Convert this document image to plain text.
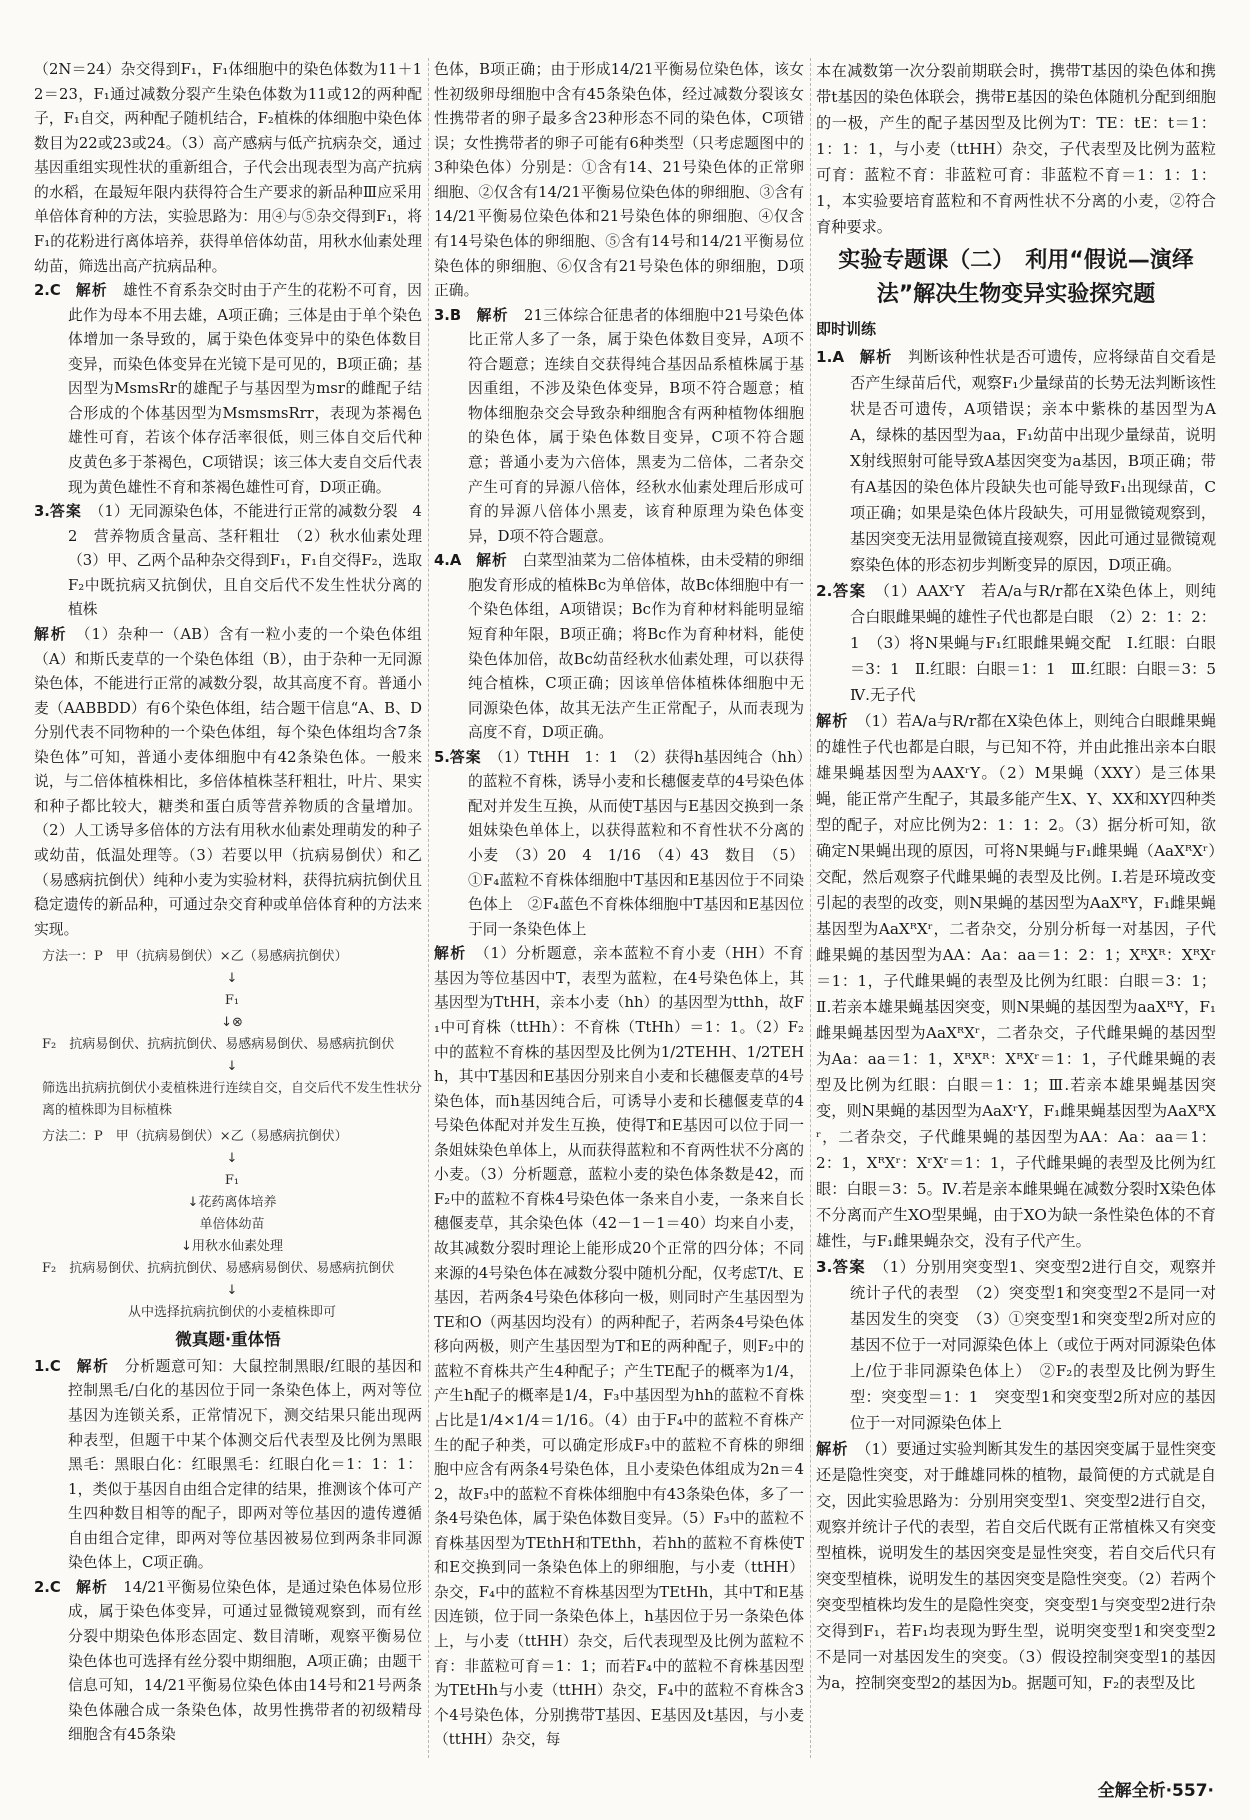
（2N＝24）杂交得到F₁，F₁体细胞中的染色体数为11＋12＝23，F₁通过减数分裂产生染色体数为11或12的两种配子，F₁自交，两种配子随机结合，F₂植株的体细胞中染色体数目为22或23或24。（3）高产感病与低产抗病杂交，通过基因重组实现性状的重新组合，子代会出现表型为高产抗病的水稻，在最短年限内获得符合生产要求的新品种Ⅲ应采用单倍体育种的方法，实验思路为：用④与⑤杂交得到F₁，将F₁的花粉进行离体培养，获得单倍体幼苗，用秋水仙素处理幼苗，筛选出高产抗病品种。

2.C　 解析　 雄性不育系杂交时由于产生的花粉不可育，因此作为母本不用去雄，A项正确；三体是由于单个染色体增加一条导致的，属于染色体变异中的染色体数目变异，而染色体变异在光镜下是可见的，B项正确；基因型为MsmsRr的雄配子与基因型为msr的雌配子结合形成的个体基因型为MsmsmsRrr，表现为茶褐色雄性可育，若该个体存活率很低，则三体自交后代种皮黄色多于茶褐色，C项错误；该三体大麦自交后代表现为黄色雄性不育和茶褐色雄性可育，D项正确。

3.答案　 （1）无同源染色体，不能进行正常的减数分裂　42　营养物质含量高、茎秆粗壮　（2）秋水仙素处理　（3）甲、乙两个品种杂交得到F₁，F₁自交得F₂，选取F₂中既抗病又抗倒伏，且自交后代不发生性状分离的植株

解析　 （1）杂种一（AB）含有一粒小麦的一个染色体组（A）和斯氏麦草的一个染色体组（B），由于杂种一无同源染色体，不能进行正常的减数分裂，故其高度不育。普通小麦（AABBDD）有6个染色体组，结合题干信息“A、B、D分别代表不同物种的一个染色体组，每个染色体组均含7条染色体”可知，普通小麦体细胞中有42条染色体。一般来说，与二倍体植株相比，多倍体植株茎秆粗壮，叶片、果实和种子都比较大，糖类和蛋白质等营养物质的含量增加。（2）人工诱导多倍体的方法有用秋水仙素处理萌发的种子或幼苗，低温处理等。（3）若要以甲（抗病易倒伏）和乙（易感病抗倒伏）纯种小麦为实验材料，获得抗病抗倒伏且稳定遗传的新品种，可通过杂交育种或单倍体育种的方法来实现。

方法一：P　甲（抗病易倒伏）×乙（易感病抗倒伏）
↓
F₁
↓⊗
F₂　抗病易倒伏、抗病抗倒伏、易感病易倒伏、易感病抗倒伏
↓
筛选出抗病抗倒伏小麦植株进行连续自交，自交后代不发生性状分离的植株即为目标植株
方法二：P　甲（抗病易倒伏）×乙（易感病抗倒伏）
↓
F₁
↓花药离体培养
单倍体幼苗
↓用秋水仙素处理
F₂　抗病易倒伏、抗病抗倒伏、易感病易倒伏、易感病抗倒伏
↓
从中选择抗病抗倒伏的小麦植株即可
微真题·重体悟

1.C　 解析　 分析题意可知：大鼠控制黑眼/红眼的基因和控制黑毛/白化的基因位于同一条染色体上，两对等位基因为连锁关系，正常情况下，测交结果只能出现两种表型，但题干中某个体测交后代表型及比例为黑眼黑毛：黑眼白化：红眼黑毛：红眼白化＝1：1：1：1，类似于基因自由组合定律的结果，推测该个体可产生四种数目相等的配子，即两对等位基因的遗传遵循自由组合定律，即两对等位基因被易位到两条非同源染色体上，C项正确。

2.C　 解析　 14/21平衡易位染色体，是通过染色体易位形成，属于染色体变异，可通过显微镜观察到，而有丝分裂中期染色体形态固定、数目清晰，观察平衡易位染色体也可选择有丝分裂中期细胞，A项正确；由题干信息可知，14/21平衡易位染色体由14号和21号两条染色体融合成一条染色体，故男性携带者的初级精母细胞含有45条染

色体，B项正确；由于形成14/21平衡易位染色体，该女性初级卵母细胞中含有45条染色体，经过减数分裂该女性携带者的卵子最多含23种形态不同的染色体，C项错误；女性携带者的卵子可能有6种类型（只考虑题图中的3种染色体）分别是：①含有14、21号染色体的正常卵细胞、②仅含有14/21平衡易位染色体的卵细胞、③含有14/21平衡易位染色体和21号染色体的卵细胞、④仅含有14号染色体的卵细胞、⑤含有14号和14/21平衡易位染色体的卵细胞、⑥仅含有21号染色体的卵细胞，D项正确。

3.B　 解析　 21三体综合征患者的体细胞中21号染色体比正常人多了一条，属于染色体数目变异，A项不符合题意；连续自交获得纯合基因品系植株属于基因重组，不涉及染色体变异，B项不符合题意；植物体细胞杂交会导致杂种细胞含有两种植物体细胞的染色体，属于染色体数目变异，C项不符合题意；普通小麦为六倍体，黑麦为二倍体，二者杂交产生可育的异源八倍体，经秋水仙素处理后形成可育的异源八倍体小黑麦，该育种原理为染色体变异，D项不符合题意。

4.A　 解析　 白菜型油菜为二倍体植株，由未受精的卵细胞发育形成的植株Bc为单倍体，故Bc体细胞中有一个染色体组，A项错误；Bc作为育种材料能明显缩短育种年限，B项正确；将Bc作为育种材料，能使染色体加倍，故Bc幼苗经秋水仙素处理，可以获得纯合植株，C项正确；因该单倍体植株体细胞中无同源染色体，故其无法产生正常配子，从而表现为高度不育，D项正确。

5.答案　 （1）TtHH　1：1　（2）获得h基因纯合（hh）的蓝粒不育株，诱导小麦和长穗偃麦草的4号染色体配对并发生互换，从而使T基因与E基因交换到一条姐妹染色单体上，以获得蓝粒和不育性状不分离的小麦　（3）20　4　1/16　（4）43　数目　（5）①F₄蓝粒不育株体细胞中T基因和E基因位于不同染色体上　②F₄蓝色不育株体细胞中T基因和E基因位于同一条染色体上

解析　 （1）分析题意，亲本蓝粒不育小麦（HH）不育基因为等位基因中T，表型为蓝粒，在4号染色体上，其基因型为TtHH，亲本小麦（hh）的基因型为tthh，故F₁中可育株（ttHh）：不育株（TtHh）＝1：1。（2）F₂中的蓝粒不育株的基因型及比例为1/2TEHH、1/2TEHh，其中T基因和E基因分别来自小麦和长穗偃麦草的4号染色体，而h基因纯合后，可诱导小麦和长穗偃麦草的4号染色体配对并发生互换，使得T和E基因可以位于同一条姐妹染色单体上，从而获得蓝粒和不育两性状不分离的小麦。（3）分析题意，蓝粒小麦的染色体条数是42，而F₂中的蓝粒不育株4号染色体一条来自小麦，一条来自长穗偃麦草，其余染色体（42－1－1＝40）均来自小麦，故其减数分裂时理论上能形成20个正常的四分体；不同来源的4号染色体在减数分裂中随机分配，仅考虑T/t、E基因，若两条4号染色体移向一极，则同时产生基因型为TE和O（两基因均没有）的两种配子，若两条4号染色体移向两极，则产生基因型为T和E的两种配子，则F₂中的蓝粒不育株共产生4种配子；产生TE配子的概率为1/4，产生h配子的概率是1/4，F₃中基因型为hh的蓝粒不育株占比是1/4×1/4＝1/16。（4）由于F₄中的蓝粒不育株产生的配子种类，可以确定形成F₃中的蓝粒不育株的卵细胞中应含有两条4号染色体，且小麦染色体组成为2n＝42，故F₃中的蓝粒不育株体细胞中有43条染色体，多了一条4号染色体，属于染色体数目变异。（5）F₃中的蓝粒不育株基因型为TEthH和TEthh，若hh的蓝粒不育株使T和E交换到同一条染色体上的卵细胞，与小麦（ttHH）杂交，F₄中的蓝粒不育株基因型为TEtHh，其中T和E基因连锁，位于同一条染色体上，h基因位于另一条染色体上，与小麦（ttHH）杂交，后代表现型及比例为蓝粒不育：非蓝粒可育＝1：1；而若F₄中的蓝粒不育株基因型为TEtHh与小麦（ttHH）杂交，F₄中的蓝粒不育株含3个4号染色体，分别携带T基因、E基因及t基因，与小麦（ttHH）杂交，每

本在减数第一次分裂前期联会时，携带T基因的染色体和携带t基因的染色体联会，携带E基因的染色体随机分配到细胞的一极，产生的配子基因型及比例为T：TE：tE：t＝1：1：1：1，与小麦（ttHH）杂交，子代表型及比例为蓝粒可育：蓝粒不育：非蓝粒可育：非蓝粒不育＝1：1：1：1，本实验要培育蓝粒和不育两性状不分离的小麦，②符合育种要求。

实验专题课（二）　利用“假说—演绎法”解决生物变异实验探究题
即时训练

1.A　 解析　 判断该种性状是否可遗传，应将绿苗自交看是否产生绿苗后代，观察F₁少量绿苗的长势无法判断该性状是否可遗传，A项错误；亲本中紫株的基因型为AA，绿株的基因型为aa，F₁幼苗中出现少量绿苗，说明X射线照射可能导致A基因突变为a基因，B项正确；带有A基因的染色体片段缺失也可能导致F₁出现绿苗，C项正确；如果是染色体片段缺失，可用显微镜观察到，基因突变无法用显微镜直接观察，因此可通过显微镜观察染色体的形态初步判断变异的原因，D项正确。

2.答案　 （1）AAXʳY　若A/a与R/r都在X染色体上，则纯合白眼雌果蝇的雄性子代也都是白眼　（2）2：1：2：1　（3）将N果蝇与F₁红眼雌果蝇交配　Ⅰ.红眼：白眼＝3：1　Ⅱ.红眼：白眼＝1：1　Ⅲ.红眼：白眼＝3：5　Ⅳ.无子代

解析　 （1）若A/a与R/r都在X染色体上，则纯合白眼雌果蝇的雄性子代也都是白眼，与已知不符，并由此推出亲本白眼雄果蝇基因型为AAXʳY。（2）M果蝇（XXY）是三体果蝇，能正常产生配子，其最多能产生X、Y、XX和XY四种类型的配子，对应比例为2：1：1：2。（3）据分析可知，欲确定N果蝇出现的原因，可将N果蝇与F₁雌果蝇（AaXᴿXʳ）交配，然后观察子代雌果蝇的表型及比例。Ⅰ.若是环境改变引起的表型的改变，则N果蝇的基因型为AaXᴿY，F₁雌果蝇基因型为AaXᴿXʳ，二者杂交，分别分析每一对基因，子代雌果蝇的基因型为AA：Aa：aa＝1：2：1；XᴿXᴿ：XᴿXʳ＝1：1，子代雌果蝇的表型及比例为红眼：白眼＝3：1；Ⅱ.若亲本雄果蝇基因突变，则N果蝇的基因型为aaXᴿY，F₁雌果蝇基因型为AaXᴿXʳ，二者杂交，子代雌果蝇的基因型为Aa：aa＝1：1，XᴿXᴿ：XᴿXʳ＝1：1，子代雌果蝇的表型及比例为红眼：白眼＝1：1；Ⅲ.若亲本雄果蝇基因突变，则N果蝇的基因型为AaXʳY，F₁雌果蝇基因型为AaXᴿXʳ，二者杂交，子代雌果蝇的基因型为AA：Aa：aa＝1：2：1，XᴿXʳ：XʳXʳ＝1：1，子代雌果蝇的表型及比例为红眼：白眼＝3：5。Ⅳ.若是亲本雌果蝇在减数分裂时X染色体不分离而产生XO型果蝇，由于XO为缺一条性染色体的不育雄性，与F₁雌果蝇杂交，没有子代产生。

3.答案　 （1）分别用突变型1、突变型2进行自交，观察并统计子代的表型　（2）突变型1和突变型2不是同一对基因发生的突变　（3）①突变型1和突变型2所对应的基因不位于一对同源染色体上（或位于两对同源染色体上/位于非同源染色体上）　②F₂的表型及比例为野生型：突变型＝1：1　突变型1和突变型2所对应的基因位于一对同源染色体上

解析　 （1）要通过实验判断其发生的基因突变属于显性突变还是隐性突变，对于雌雄同株的植物，最简便的方式就是自交，因此实验思路为：分别用突变型1、突变型2进行自交，观察并统计子代的表型，若自交后代既有正常植株又有突变型植株，说明发生的基因突变是显性突变，若自交后代只有突变型植株，说明发生的基因突变是隐性突变。（2）若两个突变型植株均发生的是隐性突变，突变型1与突变型2进行杂交得到F₁，若F₁均表现为野生型，说明突变型1和突变型2不是同一对基因发生的突变。（3）假设控制突变型1的基因为a，控制突变型2的基因为b。据题可知，F₂的表型及比

全解全析·557·
